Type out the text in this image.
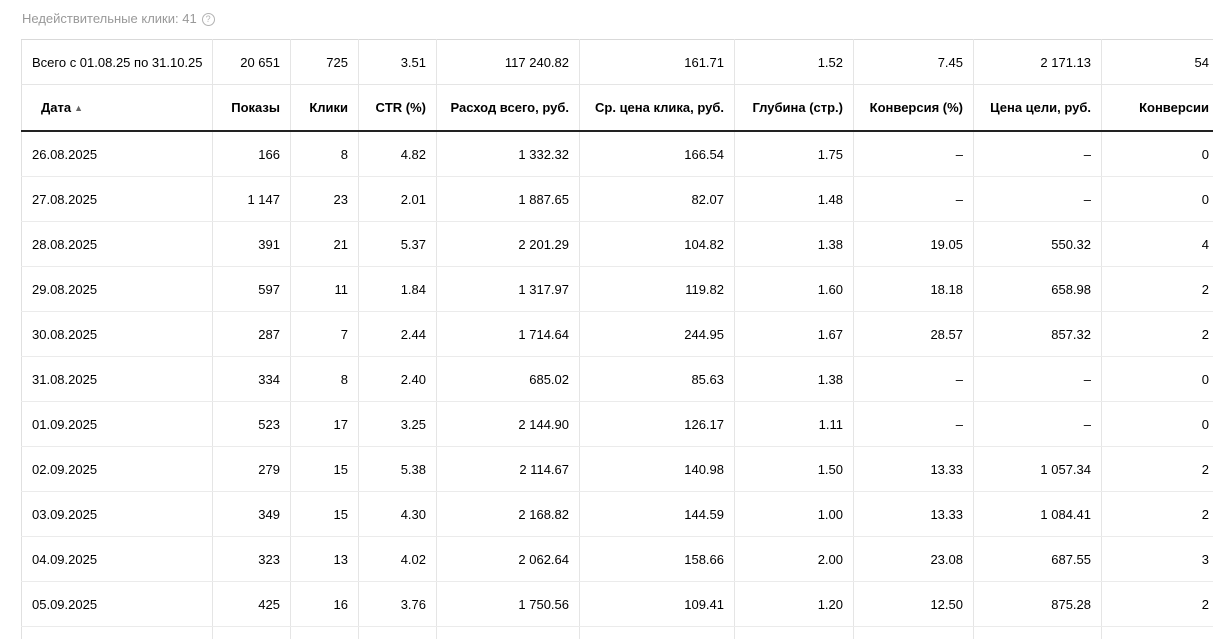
Недействительные клики: 41 ?
Всего с 01.08.25 по 31.10.25	20 651	725	3.51	117 240.82	161.71	1.52	7.45	2 171.13	54
Дата ▲	Показы	Клики	CTR (%)	Расход всего, руб.	Ср. цена клика, руб.	Глубина (стр.)	Конверсия (%)	Цена цели, руб.	Конверсии
26.08.2025	166	8	4.82	1 332.32	166.54	1.75	–	–	0
27.08.2025	1 147	23	2.01	1 887.65	82.07	1.48	–	–	0
28.08.2025	391	21	5.37	2 201.29	104.82	1.38	19.05	550.32	4
29.08.2025	597	11	1.84	1 317.97	119.82	1.60	18.18	658.98	2
30.08.2025	287	7	2.44	1 714.64	244.95	1.67	28.57	857.32	2
31.08.2025	334	8	2.40	685.02	85.63	1.38	–	–	0
01.09.2025	523	17	3.25	2 144.90	126.17	1.11	–	–	0
02.09.2025	279	15	5.38	2 114.67	140.98	1.50	13.33	1 057.34	2
03.09.2025	349	15	4.30	2 168.82	144.59	1.00	13.33	1 084.41	2
04.09.2025	323	13	4.02	2 062.64	158.66	2.00	23.08	687.55	3
05.09.2025	425	16	3.76	1 750.56	109.41	1.20	12.50	875.28	2
